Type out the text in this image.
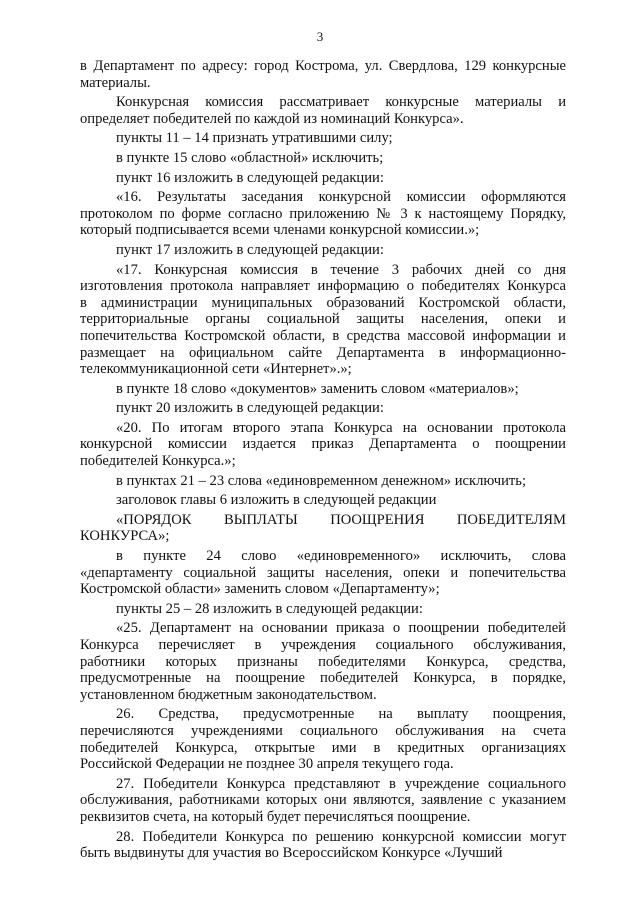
3
в Департамент по адресу: город Кострома, ул. Свердлова, 129 конкурсные
материалы.
Конкурсная комиссия рассматривает конкурсные материалы и
определяет победителей по каждой из номинаций Конкурса».
пункты 11 – 14 признать утратившими силу;
в пункте 15 слово «областной» исключить;
пункт 16 изложить в следующей редакции:
«16. Результаты заседания конкурсной комиссии оформляются
протоколом по форме согласно приложению № 3 к настоящему Порядку,
который подписывается всеми членами конкурсной комиссии.»;
пункт 17 изложить в следующей редакции:
«17. Конкурсная комиссия в течение 3 рабочих дней со дня
изготовления протокола направляет информацию о победителях Конкурса
в администрации муниципальных образований Костромской области,
территориальные органы социальной защиты населения, опеки и
попечительства Костромской области, в средства массовой информации и
размещает на официальном сайте Департамента в информационно-
телекоммуникационной сети «Интернет».»;
в пункте 18 слово «документов» заменить словом «материалов»;
пункт 20 изложить в следующей редакции:
«20. По итогам второго этапа Конкурса на основании протокола
конкурсной комиссии издается приказ Департамента о поощрении
победителей Конкурса.»;
в пунктах 21 – 23 слова «единовременном денежном» исключить;
заголовок главы 6 изложить в следующей редакции
«ПОРЯДОК ВЫПЛАТЫ ПООЩРЕНИЯ ПОБЕДИТЕЛЯМ
КОНКУРСА»;
в пункте 24 слово «единовременного» исключить, слова
«департаменту социальной защиты населения, опеки и попечительства
Костромской области» заменить словом «Департаменту»;
пункты 25 – 28 изложить в следующей редакции:
«25. Департамент на основании приказа о поощрении победителей
Конкурса перечисляет в учреждения социального обслуживания,
работники которых признаны победителями Конкурса, средства,
предусмотренные на поощрение победителей Конкурса, в порядке,
установленном бюджетным законодательством.
26. Средства, предусмотренные на выплату поощрения,
перечисляются учреждениями социального обслуживания на счета
победителей Конкурса, открытые ими в кредитных организациях
Российской Федерации не позднее 30 апреля текущего года.
27. Победители Конкурса представляют в учреждение социального
обслуживания, работниками которых они являются, заявление с указанием
реквизитов счета, на который будет перечисляться поощрение.
28. Победители Конкурса по решению конкурсной комиссии могут
быть выдвинуты для участия во Всероссийском Конкурсе «Лучший
